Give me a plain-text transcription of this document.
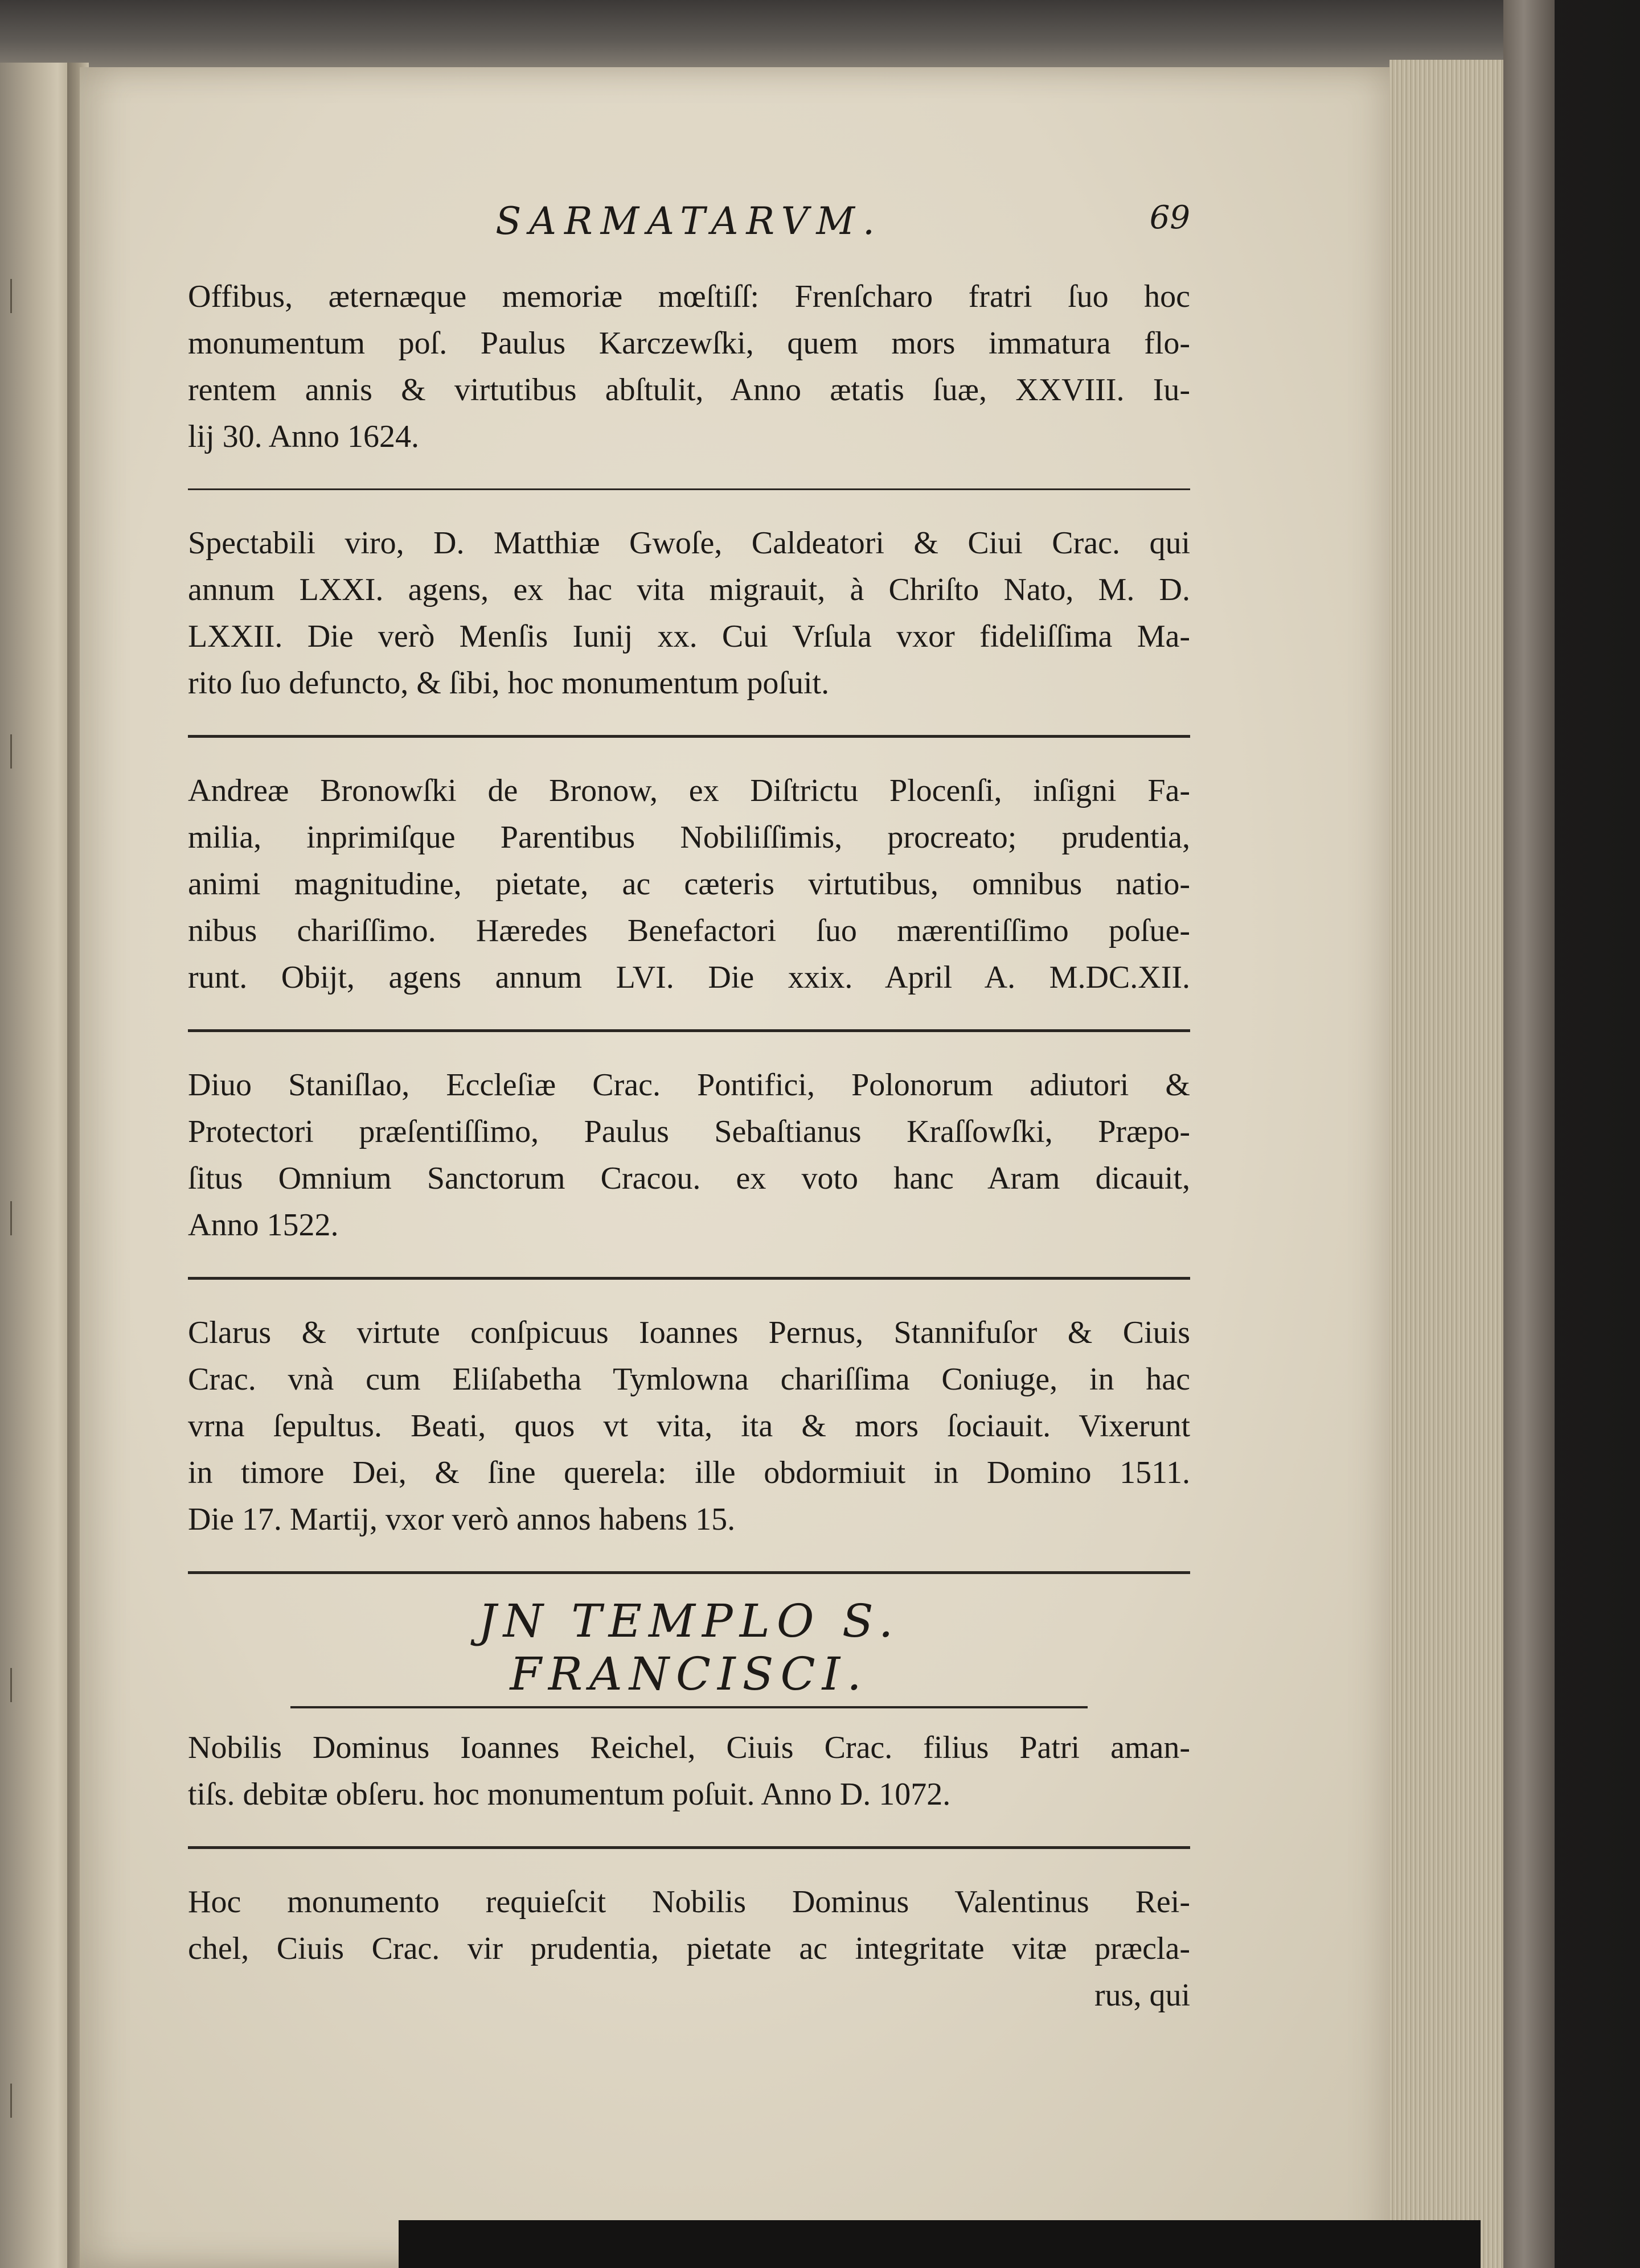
SARMATARVM.	69

Offibus, æternæque memoriæ mœſtiſſ: Frenſcharo fratri ſuo hoc
monumentum poſ. Paulus Karczewſki, quem mors immatura flo-
rentem annis & virtutibus abſtulit, Anno ætatis ſuæ, XXVIII. Iu-
lij 30. Anno 1624.

Spectabili viro, D. Matthiæ Gwoſe, Caldeatori & Ciui Crac. qui
annum LXXI. agens, ex hac vita migrauit, à Chriſto Nato, M. D.
LXXII. Die verò Menſis Iunij xx. Cui Vrſula vxor fideliſſima Ma-
rito ſuo defuncto, & ſibi, hoc monumentum poſuit.

Andreæ Bronowſki de Bronow, ex Diſtrictu Plocenſi, inſigni Fa-
milia, inprimiſque Parentibus Nobiliſſimis, procreato; prudentia,
animi magnitudine, pietate, ac cæteris virtutibus, omnibus natio-
nibus chariſſimo. Hæredes Benefactori ſuo mærentiſſimo poſue-
runt. Obijt, agens annum LVI. Die xxix. April A. M.DC.XII.

Diuo Staniſlao, Eccleſiæ Crac. Pontifici, Polonorum adiutori &
Protectori præſentiſſimo, Paulus Sebaſtianus Kraſſowſki, Præpo-
ſitus Omnium Sanctorum Cracou. ex voto hanc Aram dicauit,
Anno 1522.

Clarus & virtute conſpicuus Ioannes Pernus, Stannifuſor & Ciuis
Crac. vnà cum Eliſabetha Tymlowna chariſſima Coniuge, in hac
vrna ſepultus. Beati, quos vt vita, ita & mors ſociauit. Vixerunt
in timore Dei, & ſine querela: ille obdormiuit in Domino 1511.
Die 17. Martij, vxor verò annos habens 15.

JN TEMPLO S. FRANCISCI.

Nobilis Dominus Ioannes Reichel, Ciuis Crac. filius Patri aman-
tiſs. debitæ obſeru. hoc monumentum poſuit. Anno D. 1072.

Hoc monumento requieſcit Nobilis Dominus Valentinus Rei-
chel, Ciuis Crac. vir prudentia, pietate ac integritate vitæ præcla-
rus, qui
